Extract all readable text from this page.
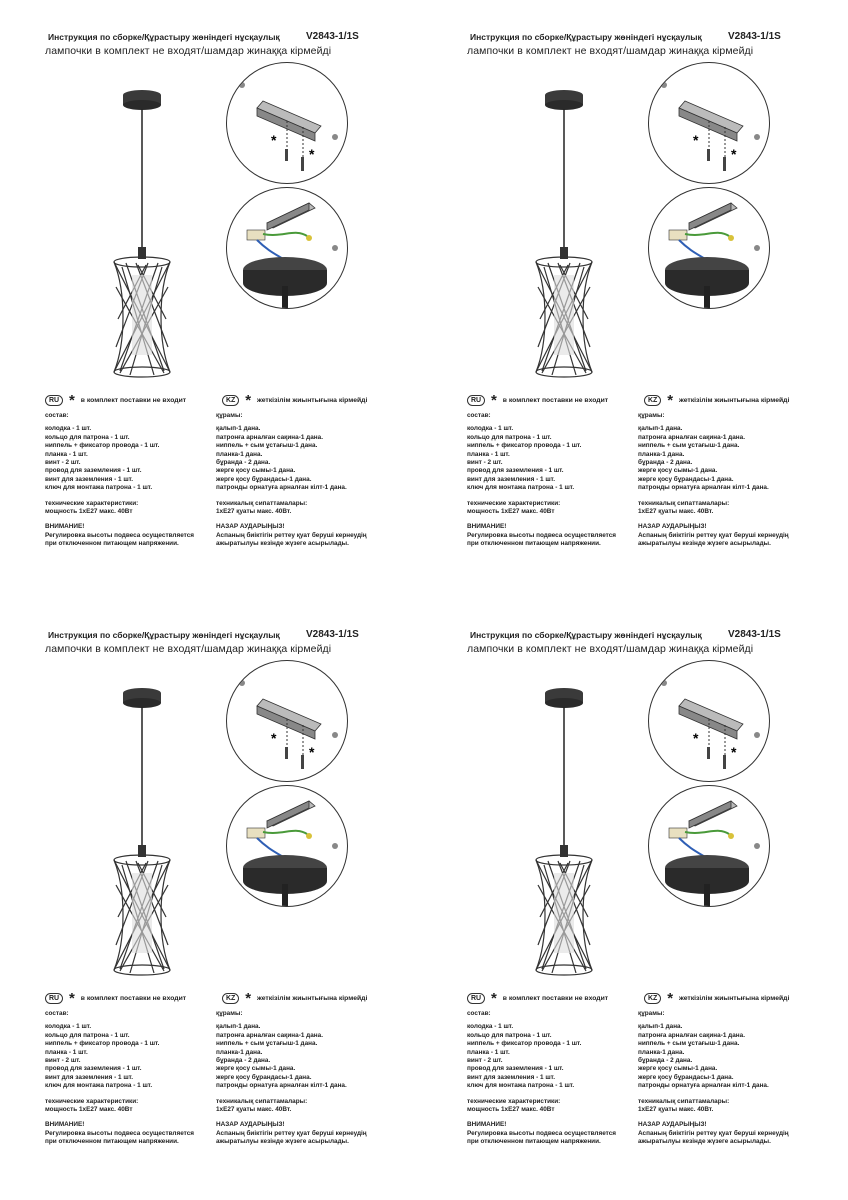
Инструкция по сборке/Құрастыру жөніндегі нұсқаулық	V2843-1/1S
лампочки в комплект не входят/шамдар жинаққа кірмейді
*
*
RU * в комплект поставки не входит	KZ * жеткізілім жиынтығына кірмейді
состав:
колодка - 1 шт.
кольцо для патрона - 1 шт.
ниппель + фиксатор провода - 1 шт.
планка - 1 шт.
винт - 2 шт.
провод для заземления - 1 шт.
винт для заземления - 1 шт.
ключ для монтажа патрона - 1 шт.
технические характеристики:
мощность 1хЕ27 макс. 40Вт
ВНИМАНИЕ!
Регулировка высоты подвеса осуществляется
при отключенном питающем напряжении.
құрамы:
қалып-1 дана.
патронға арналған сақина-1 дана.
ниппель + сым ұстағыш-1 дана.
планка-1 дана.
бұранда - 2 дана.
жерге қосу сымы-1 дана.
жерге қосу бұрандасы-1 дана.
патронды орнатуға арналған кілт-1 дана.
техникалық сипаттамалары:
1хЕ27 қуаты макс. 40Вт.
НАЗАР АУДАРЫҢЫЗ!
Аспаның биіктігін реттеу қуат беруші кернеудің
ажыратылуы кезінде жүзеге асырылады.
Инструкция по сборке/Құрастыру жөніндегі нұсқаулық	V2843-1/1S
лампочки в комплект не входят/шамдар жинаққа кірмейді
*
*
RU * в комплект поставки не входит	KZ * жеткізілім жиынтығына кірмейді
состав:
колодка - 1 шт.
кольцо для патрона - 1 шт.
ниппель + фиксатор провода - 1 шт.
планка - 1 шт.
винт - 2 шт.
провод для заземления - 1 шт.
винт для заземления - 1 шт.
ключ для монтажа патрона - 1 шт.
технические характеристики:
мощность 1хЕ27 макс. 40Вт
ВНИМАНИЕ!
Регулировка высоты подвеса осуществляется
при отключенном питающем напряжении.
құрамы:
қалып-1 дана.
патронға арналған сақина-1 дана.
ниппель + сым ұстағыш-1 дана.
планка-1 дана.
бұранда - 2 дана.
жерге қосу сымы-1 дана.
жерге қосу бұрандасы-1 дана.
патронды орнатуға арналған кілт-1 дана.
техникалық сипаттамалары:
1хЕ27 қуаты макс. 40Вт.
НАЗАР АУДАРЫҢЫЗ!
Аспаның биіктігін реттеу қуат беруші кернеудің
ажыратылуы кезінде жүзеге асырылады.
Инструкция по сборке/Құрастыру жөніндегі нұсқаулық	V2843-1/1S
лампочки в комплект не входят/шамдар жинаққа кірмейді
*
*
RU * в комплект поставки не входит	KZ * жеткізілім жиынтығына кірмейді
состав:
колодка - 1 шт.
кольцо для патрона - 1 шт.
ниппель + фиксатор провода - 1 шт.
планка - 1 шт.
винт - 2 шт.
провод для заземления - 1 шт.
винт для заземления - 1 шт.
ключ для монтажа патрона - 1 шт.
технические характеристики:
мощность 1хЕ27 макс. 40Вт
ВНИМАНИЕ!
Регулировка высоты подвеса осуществляется
при отключенном питающем напряжении.
құрамы:
қалып-1 дана.
патронға арналған сақина-1 дана.
ниппель + сым ұстағыш-1 дана.
планка-1 дана.
бұранда - 2 дана.
жерге қосу сымы-1 дана.
жерге қосу бұрандасы-1 дана.
патронды орнатуға арналған кілт-1 дана.
техникалық сипаттамалары:
1хЕ27 қуаты макс. 40Вт.
НАЗАР АУДАРЫҢЫЗ!
Аспаның биіктігін реттеу қуат беруші кернеудің
ажыратылуы кезінде жүзеге асырылады.
Инструкция по сборке/Құрастыру жөніндегі нұсқаулық	V2843-1/1S
лампочки в комплект не входят/шамдар жинаққа кірмейді
*
*
RU * в комплект поставки не входит	KZ * жеткізілім жиынтығына кірмейді
состав:
колодка - 1 шт.
кольцо для патрона - 1 шт.
ниппель + фиксатор провода - 1 шт.
планка - 1 шт.
винт - 2 шт.
провод для заземления - 1 шт.
винт для заземления - 1 шт.
ключ для монтажа патрона - 1 шт.
технические характеристики:
мощность 1хЕ27 макс. 40Вт
ВНИМАНИЕ!
Регулировка высоты подвеса осуществляется
при отключенном питающем напряжении.
құрамы:
қалып-1 дана.
патронға арналған сақина-1 дана.
ниппель + сым ұстағыш-1 дана.
планка-1 дана.
бұранда - 2 дана.
жерге қосу сымы-1 дана.
жерге қосу бұрандасы-1 дана.
патронды орнатуға арналған кілт-1 дана.
техникалық сипаттамалары:
1хЕ27 қуаты макс. 40Вт.
НАЗАР АУДАРЫҢЫЗ!
Аспаның биіктігін реттеу қуат беруші кернеудің
ажыратылуы кезінде жүзеге асырылады.
